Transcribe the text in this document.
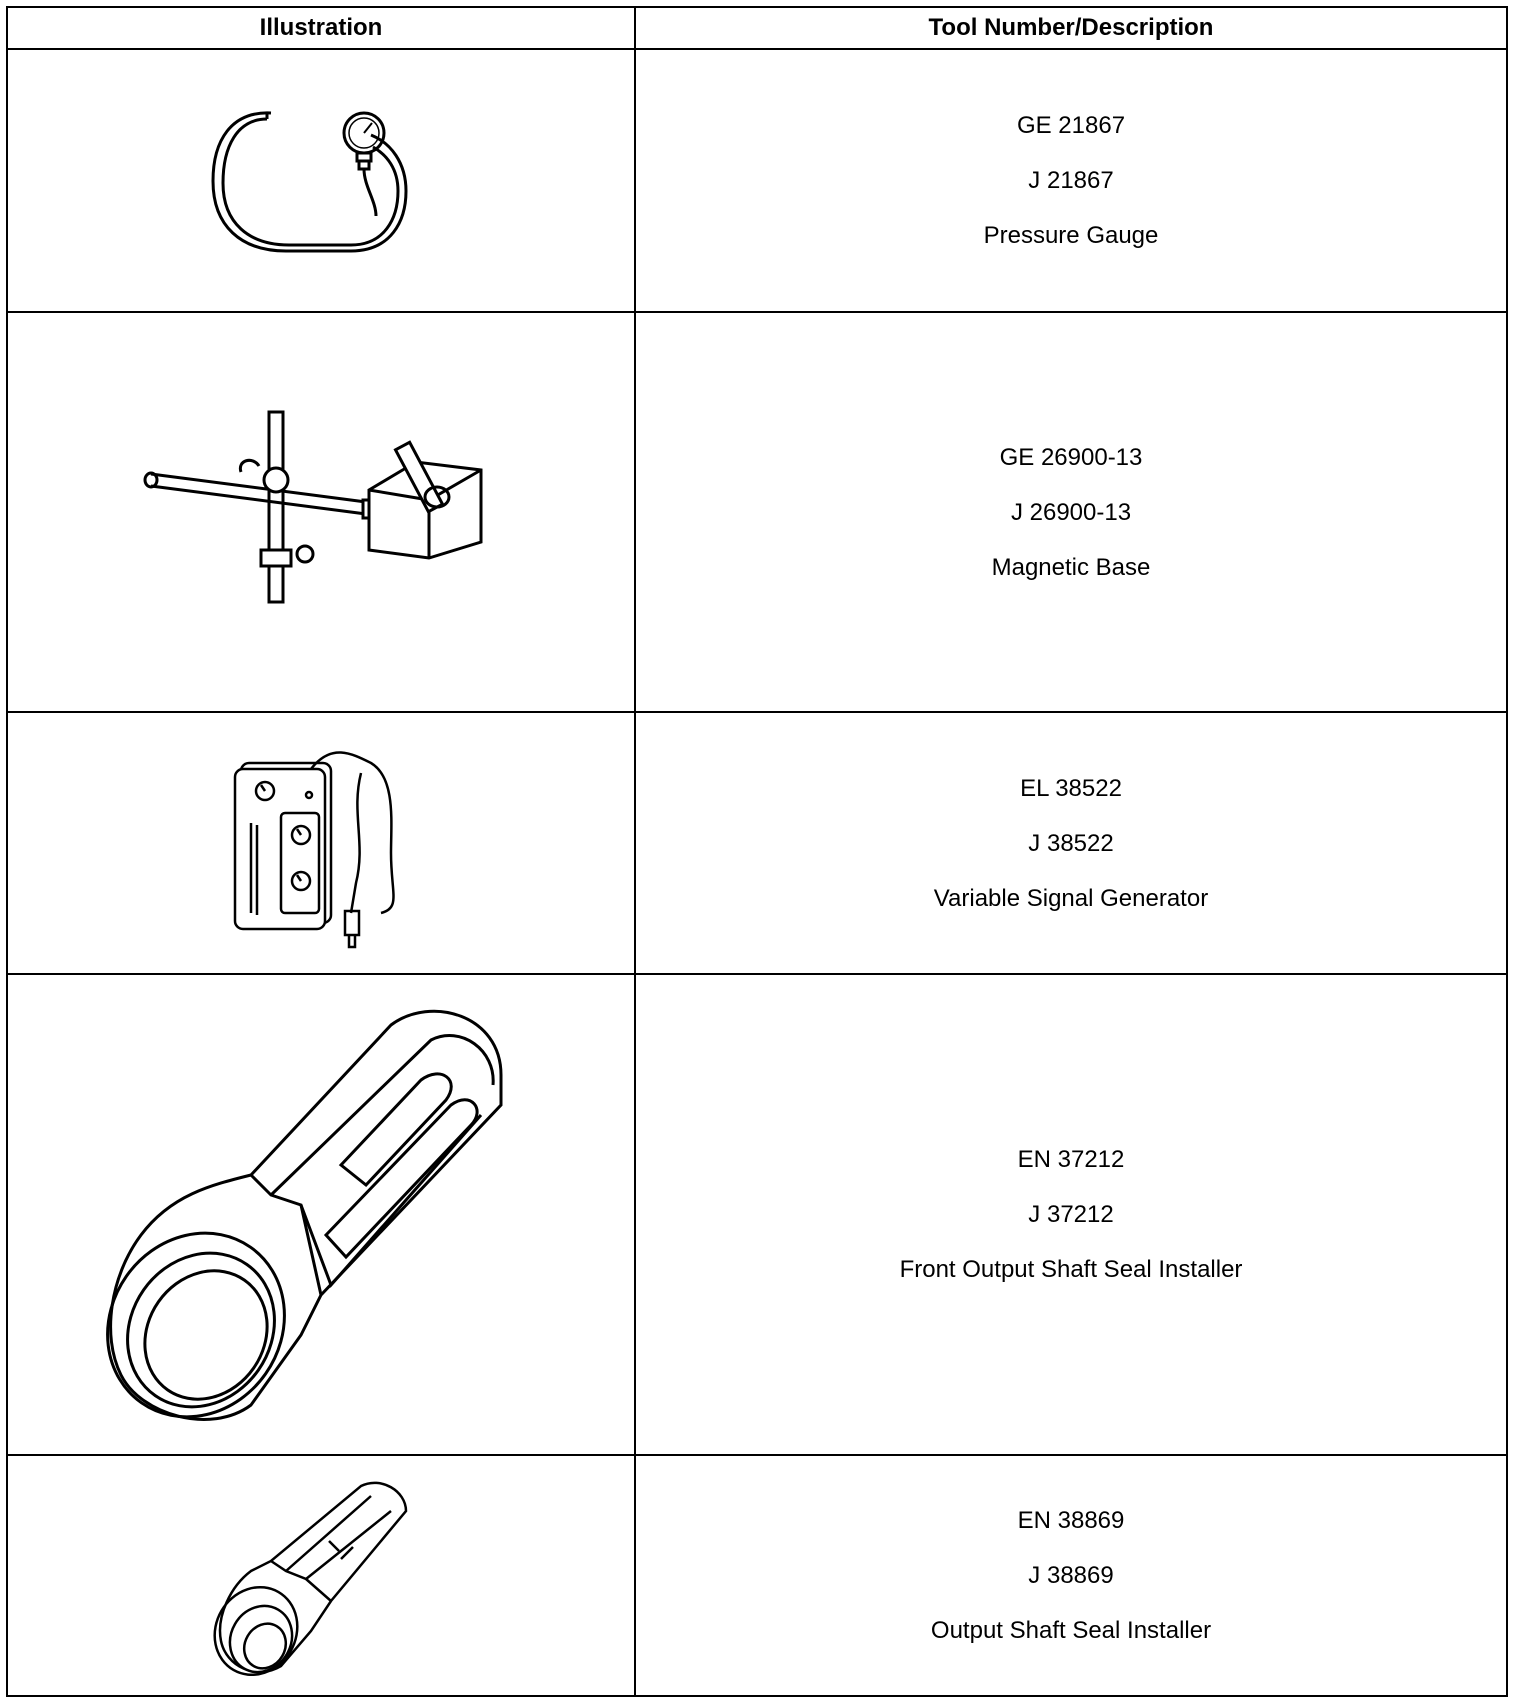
Illustration	Tool Number/Description

GE 21867

J 21867

Pressure Gauge

GE 26900-13

J 26900-13

Magnetic Base

EL 38522

J 38522

Variable Signal Generator

EN 37212

J 37212

Front Output Shaft Seal Installer

EN 38869

J 38869

Output Shaft Seal Installer
